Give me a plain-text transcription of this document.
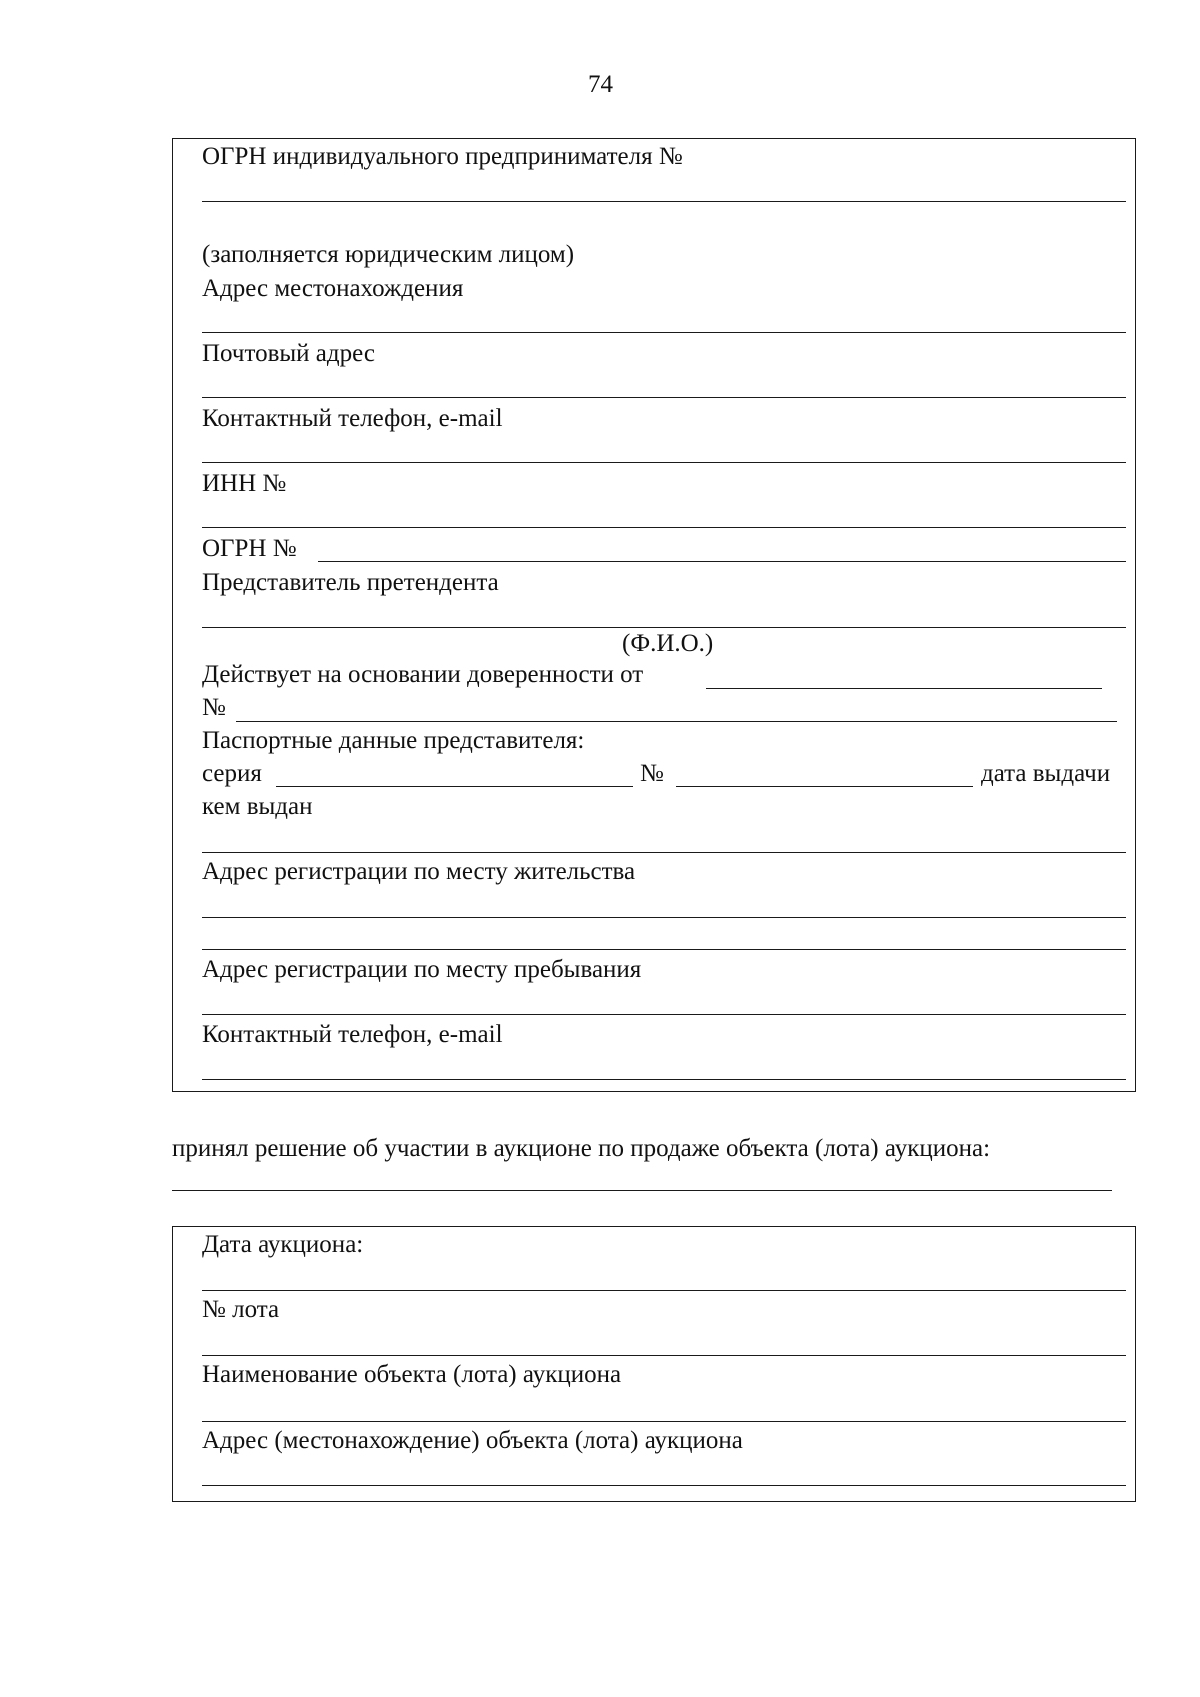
74
ОГРН индивидуального предпринимателя №
(заполняется юридическим лицом)
Адрес местонахождения
Почтовый адрес
Контактный телефон, e-mail
ИНН №
ОГРН №
Представитель претендента
(Ф.И.О.)
Действует на основании доверенности от
№
Паспортные данные представителя:
серия	№	дата выдачи
кем выдан
Адрес регистрации по месту жительства
Адрес регистрации по месту пребывания
Контактный телефон, e-mail
принял решение об участии в аукционе по продаже объекта (лота) аукциона:
Дата аукциона:
№ лота
Наименование объекта (лота) аукциона
Адрес (местонахождение) объекта (лота) аукциона
